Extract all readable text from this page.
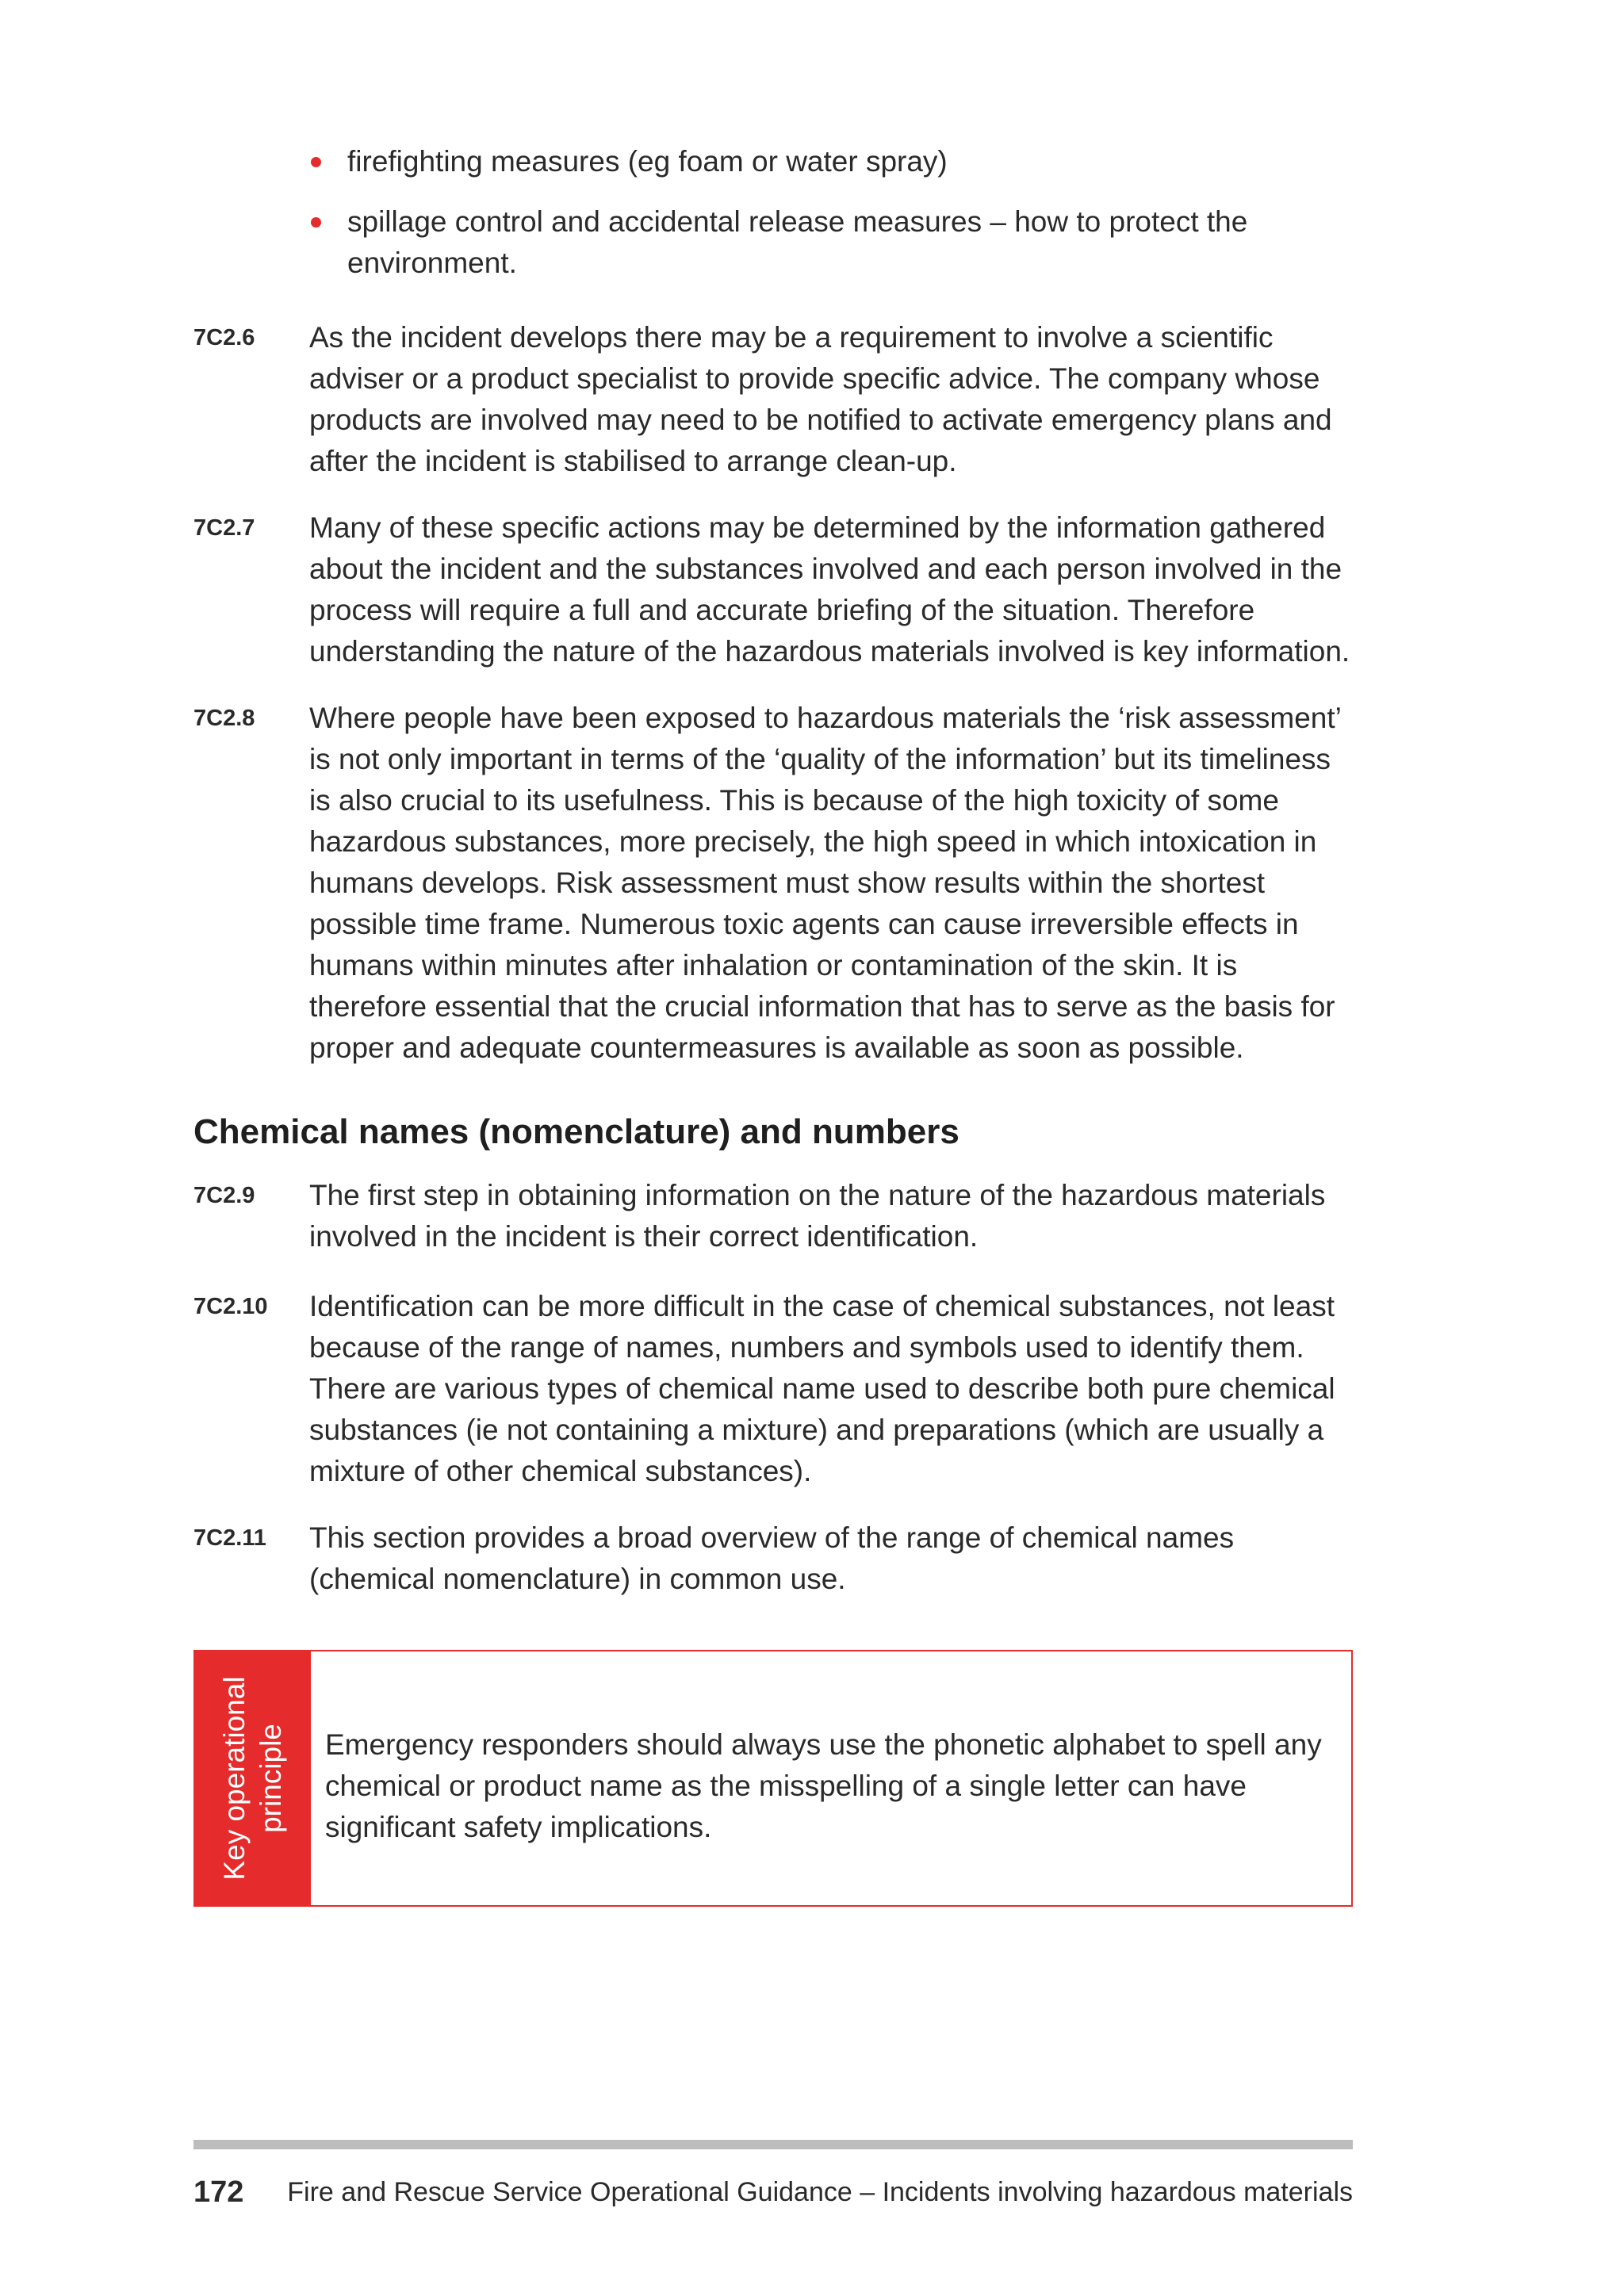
firefighting measures (eg foam or water spray)
spillage control and accidental release measures – how to protect the environment.
7C2.6 As the incident develops there may be a requirement to involve a scientific adviser or a product specialist to provide specific advice. The company whose products are involved may need to be notified to activate emergency plans and after the incident is stabilised to arrange clean-up.
7C2.7 Many of these specific actions may be determined by the information gathered about the incident and the substances involved and each person involved in the process will require a full and accurate briefing of the situation. Therefore understanding the nature of the hazardous materials involved is key information.
7C2.8 Where people have been exposed to hazardous materials the ‘risk assessment’ is not only important in terms of the ‘quality of the information’ but its timeliness is also crucial to its usefulness. This is because of the high toxicity of some hazardous substances, more precisely, the high speed in which intoxication in humans develops. Risk assessment must show results within the shortest possible time frame. Numerous toxic agents can cause irreversible effects in humans within minutes after inhalation or contamination of the skin. It is therefore essential that the crucial information that has to serve as the basis for proper and adequate countermeasures is available as soon as possible.
Chemical names (nomenclature) and numbers
7C2.9 The first step in obtaining information on the nature of the hazardous materials involved in the incident is their correct identification.
7C2.10 Identification can be more difficult in the case of chemical substances, not least because of the range of names, numbers and symbols used to identify them. There are various types of chemical name used to describe both pure chemical substances (ie not containing a mixture) and preparations (which are usually a mixture of other chemical substances).
7C2.11 This section provides a broad overview of the range of chemical names (chemical nomenclature) in common use.
Key operational principle Emergency responders should always use the phonetic alphabet to spell any chemical or product name as the misspelling of a single letter can have significant safety implications.
172 Fire and Rescue Service Operational Guidance – Incidents involving hazardous materials
